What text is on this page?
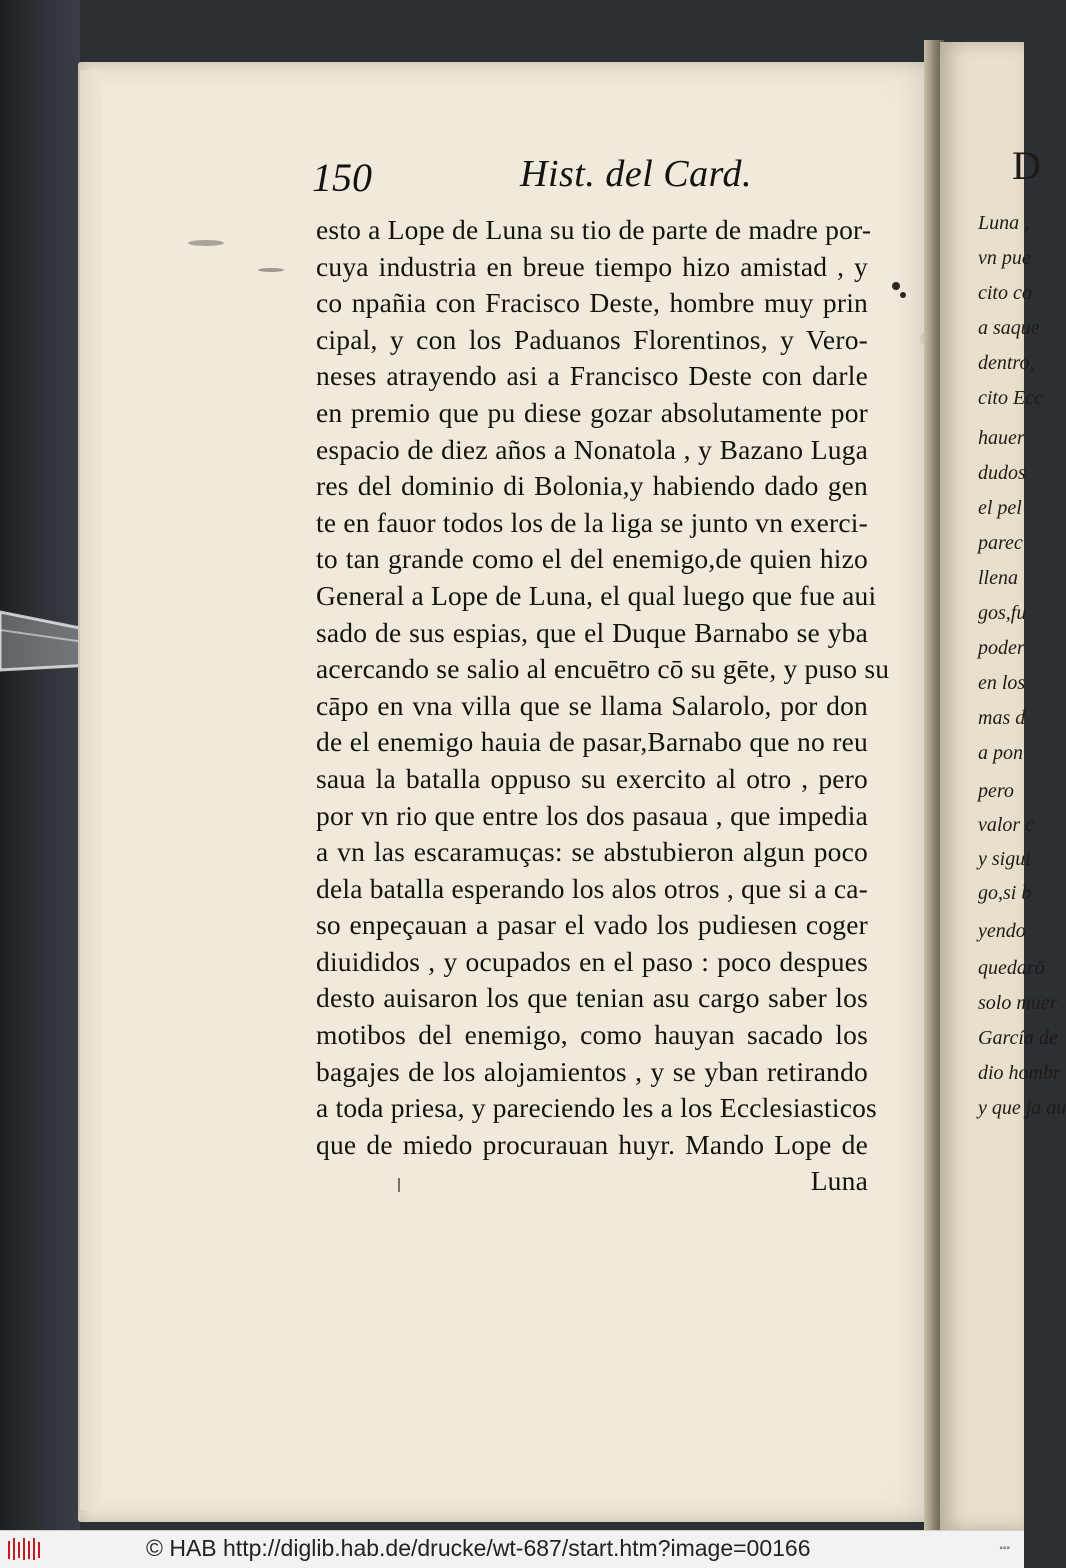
D
Luna ,
vn pue
cito co
a saque
dentro,
cito Ecc
hauer
dudos
el pel
parec
llena
gos,fu
poder
en los
mas d
a pon
pero
valor c
y sigui
go,si b
yendo
quedarō
solo muer
García de
dio hombr
y que ja au
150	Hist. del Card.
esto a Lope de Luna su tio de parte de madre por-
cuya industria en breue tiempo hizo amistad , y
co npañia con Fracisco Deste, hombre muy prin
cipal, y con los Paduanos Florentinos, y Vero-
neses atrayendo asi a Francisco Deste con darle
en premio que pu diese gozar absolutamente por
espacio de diez años a Nonatola , y Bazano Luga
res del dominio di Bolonia,y habiendo dado gen
te en fauor todos los de la liga se junto vn exerci-
to tan grande como el del enemigo,de quien hizo
General a Lope de Luna, el qual luego que fue aui
sado de sus espias, que el Duque Barnabo se yba
acercando se salio al encuētro cō su gēte, y puso su
cāpo en vna villa que se llama Salarolo, por don
de el enemigo hauia de pasar,Barnabo que no reu
saua la batalla oppuso su exercito al otro , pero
por vn rio que entre los dos pasaua , que impedia
a vn las escaramuças: se abstubieron algun poco
dela batalla esperando los alos otros , que si a ca-
so enpeçauan a pasar el vado los pudiesen coger
diuididos , y ocupados en el paso : poco despues
desto auisaron los que tenian asu cargo saber los
motibos del enemigo, como hauyan sacado los
bagajes de los alojamientos , y se yban retirando
a toda priesa, y pareciendo les a los Ecclesiasticos
que de miedo procurauan huyr. Mando Lope de
Luna
© HAB http://diglib.hab.de/drucke/wt-687/start.htm?image=00166	▪▪▪
